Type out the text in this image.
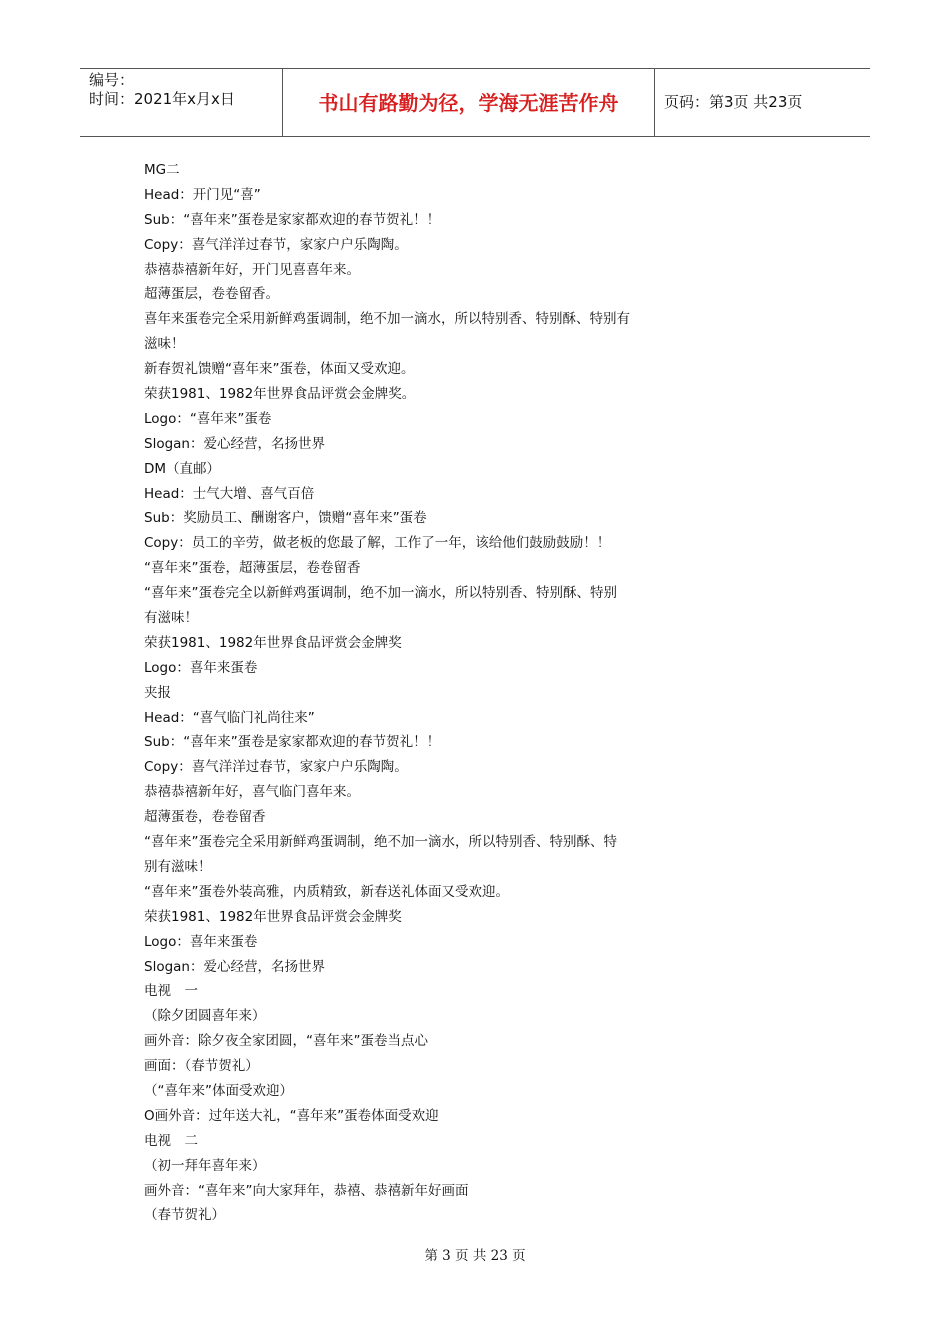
编号：
时间：2021年x月x日	书山有路勤为径，学海无涯苦作舟	页码：第3页 共23页
MG二
Head：开门见“喜”
Sub：“喜年来”蛋卷是家家都欢迎的春节贺礼！！
Copy：喜气洋洋过春节，家家户户乐陶陶。
恭禧恭禧新年好，开门见喜喜年来。
超薄蛋层，卷卷留香。
喜年来蛋卷完全采用新鲜鸡蛋调制，绝不加一滴水，所以特别香、特别酥、特别有
滋味！
新春贺礼馈赠“喜年来”蛋卷，体面又受欢迎。
荣获1981、1982年世界食品评赏会金牌奖。
Logo：“喜年来”蛋卷
Slogan：爱心经营，名扬世界
DM（直邮）
Head：士气大增、喜气百倍
Sub：奖励员工、酬谢客户，馈赠“喜年来”蛋卷
Copy：员工的辛劳，做老板的您最了解，工作了一年，该给他们鼓励鼓励！！
“喜年来”蛋卷，超薄蛋层，卷卷留香
“喜年来”蛋卷完全以新鲜鸡蛋调制，绝不加一滴水，所以特别香、特别酥、特别
有滋味！
荣获1981、1982年世界食品评赏会金牌奖
Logo：喜年来蛋卷
夹报
Head：“喜气临门礼尚往来”
Sub：“喜年来”蛋卷是家家都欢迎的春节贺礼！！
Copy：喜气洋洋过春节，家家户户乐陶陶。
恭禧恭禧新年好，喜气临门喜年来。
超薄蛋卷，卷卷留香
“喜年来”蛋卷完全采用新鲜鸡蛋调制，绝不加一滴水，所以特别香、特别酥、特
别有滋味！
“喜年来”蛋卷外装高雅，内质精致，新春送礼体面又受欢迎。
荣获1981、1982年世界食品评赏会金牌奖
Logo：喜年来蛋卷
Slogan：爱心经营，名扬世界
电视　一
（除夕团圆喜年来）
画外音：除夕夜全家团圆，“喜年来”蛋卷当点心
画面：（春节贺礼）
（“喜年来”体面受欢迎）
O画外音：过年送大礼，“喜年来”蛋卷体面受欢迎
电视　二
（初一拜年喜年来）
画外音：“喜年来”向大家拜年，恭禧、恭禧新年好画面
（春节贺礼）
第 3 页 共 23 页
